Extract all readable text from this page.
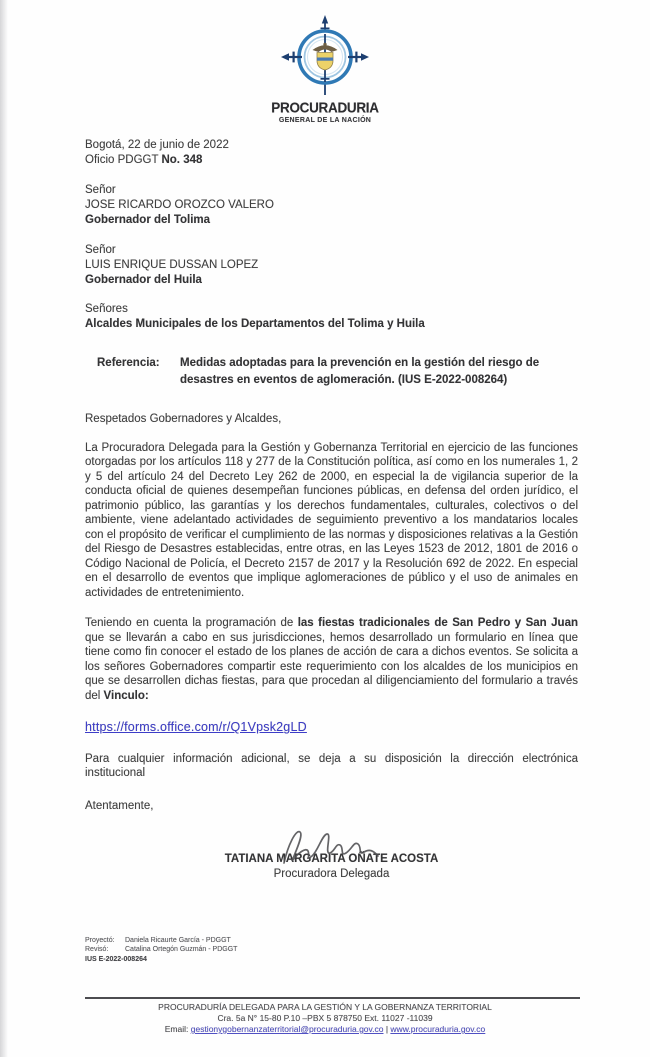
PROCURADURIA
GENERAL DE LA NACIÓN
Bogotá, 22 de junio de 2022
Oficio PDGGT No. 348
Señor
JOSE RICARDO OROZCO VALERO
Gobernador del Tolima
Señor
LUIS ENRIQUE DUSSAN LOPEZ
Gobernador del Huila
Señores
Alcaldes Municipales de los Departamentos del Tolima y Huila
Referencia:	Medidas adoptadas para la prevención en la gestión del riesgo de desastres en eventos de aglomeración. (IUS E-2022-008264)
Respetados Gobernadores y Alcaldes,
La Procuradora Delegada para la Gestión y Gobernanza Territorial en ejercicio de las funciones otorgadas por los artículos 118 y 277 de la Constitución política, así como en los numerales 1, 2 y 5 del artículo 24 del Decreto Ley 262 de 2000, en especial la de vigilancia superior de la conducta oficial de quienes desempeñan funciones públicas, en defensa del orden jurídico, el patrimonio público, las garantías y los derechos fundamentales, culturales, colectivos o del ambiente, viene adelantado actividades de seguimiento preventivo a los mandatarios locales con el propósito de verificar el cumplimiento de las normas y disposiciones relativas a la Gestión del Riesgo de Desastres establecidas, entre otras, en las Leyes 1523 de 2012, 1801 de 2016 o Código Nacional de Policía, el Decreto 2157 de 2017 y la Resolución 692 de 2022. En especial en el desarrollo de eventos que implique aglomeraciones de público y el uso de animales en actividades de entretenimiento.
Teniendo en cuenta la programación de las fiestas tradicionales de San Pedro y San Juan que se llevarán a cabo en sus jurisdicciones, hemos desarrollado un formulario en línea que tiene como fin conocer el estado de los planes de acción de cara a dichos eventos. Se solicita a los señores Gobernadores compartir este requerimiento con los alcaldes de los municipios en que se desarrollen dichas fiestas, para que procedan al diligenciamiento del formulario a través del Vinculo:
https://forms.office.com/r/Q1Vpsk2gLD
Para cualquier información adicional, se deja a su disposición la dirección electrónica institucional
Atentamente,
TATIANA MARGARITA OÑATE ACOSTA
Procuradora Delegada
Proyectó: Daniela Ricaurte García - PDGGT
Revisó: Catalina Ortegón Guzmán - PDGGT
IUS E-2022-008264
PROCURADURÍA DELEGADA PARA LA GESTIÓN Y LA GOBERNANZA TERRITORIAL
Cra. 5a N° 15-80 P.10 –PBX 5 878750 Ext. 11027 -11039
Email: gestionygobernanzaterritorial@procuraduria.gov.co | www.procuraduria.gov.co
